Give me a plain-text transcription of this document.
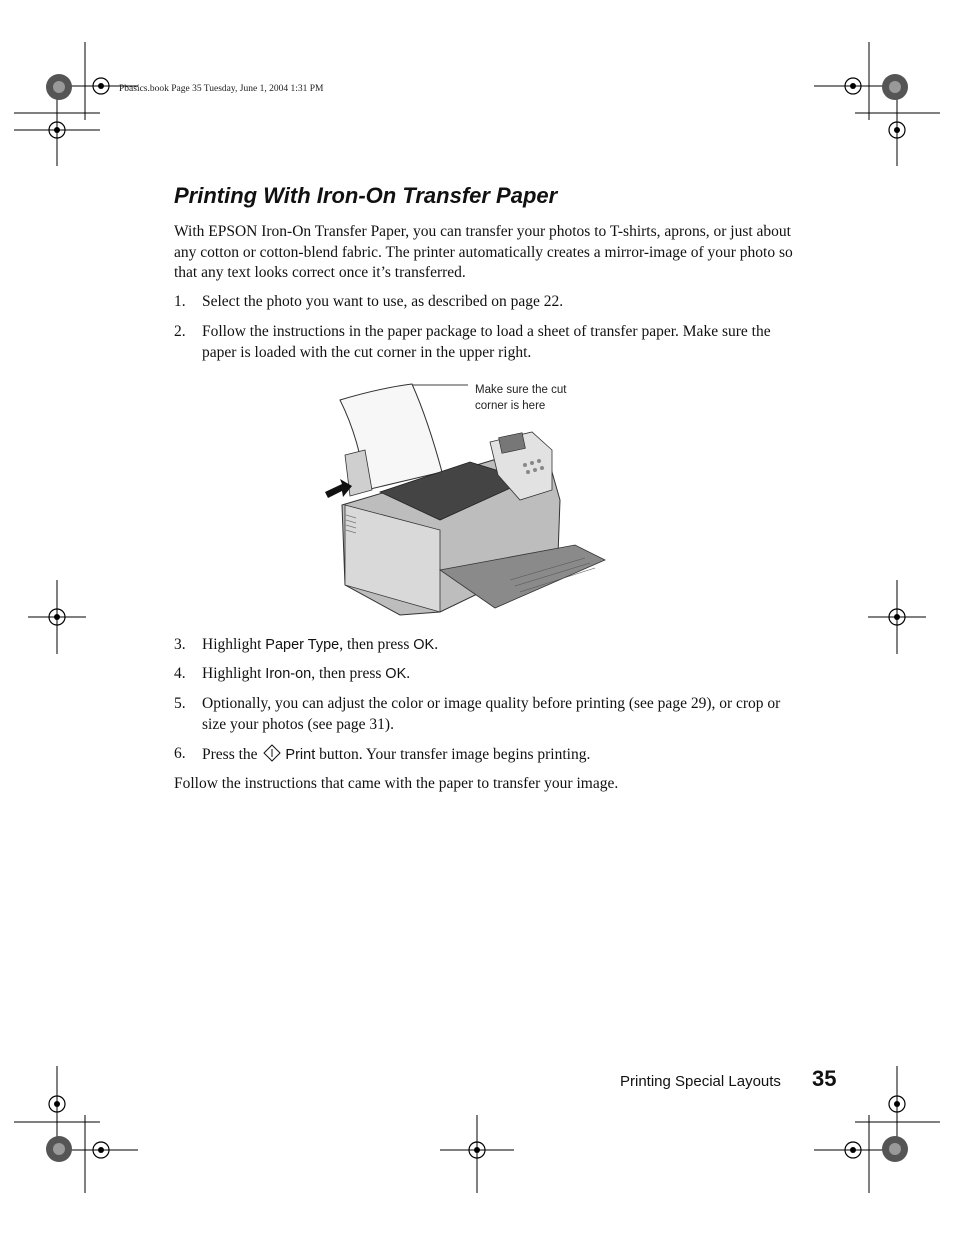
Pbasics.book Page 35 Tuesday, June 1, 2004 1:31 PM
Printing With Iron-On Transfer Paper

With EPSON Iron-On Transfer Paper, you can transfer your photos to T-shirts, aprons, or just about any cotton or cotton-blend fabric. The printer automatically creates a mirror-image of your photo so that any text looks correct once it’s transferred.

1.	Select the photo you want to use, as described on page 22.
2.	Follow the instructions in the paper package to load a sheet of transfer paper. Make sure the paper is loaded with the cut corner in the upper right.
Make sure the cut
corner is here
3.	Highlight Paper Type, then press OK.
4.	Highlight Iron-on, then press OK.
5.	Optionally, you can adjust the color or image quality before printing (see page 29), or crop or size your photos (see page 31).
6.	Press the Print button. Your transfer image begins printing.

Follow the instructions that came with the paper to transfer your image.

Printing Special Layouts 35
